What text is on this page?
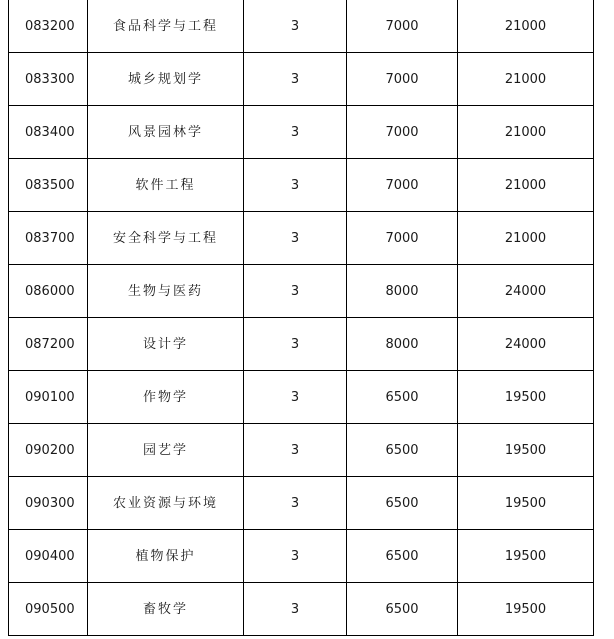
083200	食品科学与工程	3	7000	21000
083300	城乡规划学	3	7000	21000
083400	风景园林学	3	7000	21000
083500	软件工程	3	7000	21000
083700	安全科学与工程	3	7000	21000
086000	生物与医药	3	8000	24000
087200	设计学	3	8000	24000
090100	作物学	3	6500	19500
090200	园艺学	3	6500	19500
090300	农业资源与环境	3	6500	19500
090400	植物保护	3	6500	19500
090500	畜牧学	3	6500	19500
